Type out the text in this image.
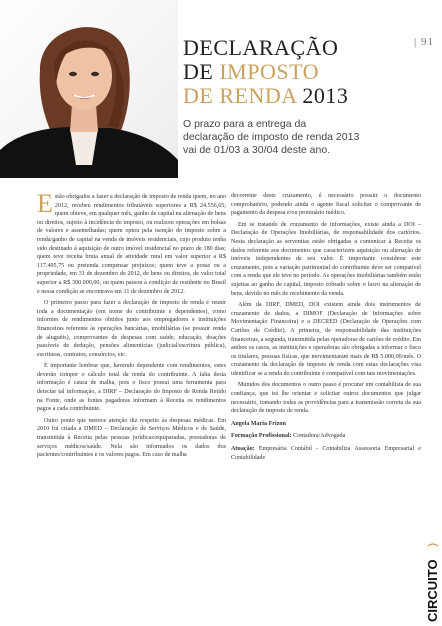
| 91
DECLARAÇÃO
DE IMPOSTO
DE RENDA 2013
O prazo para a entrega da
declaração de imposto de renda 2013
vai de 01/03 a 30/04 deste ano.

Estão obrigados a fazer a declaração de imposto de renda quem, no ano 2012, recebeu rendimentos tributáveis superiores a R$ 24.556,65; quem obteve, em qualquer mês, ganho de capital na alienação de bens ou direitos, sujeito à incidência do imposto, ou realizou operações em bolsas de valores e assemelhadas; quem optou pela isenção do imposto sobre a renda/ganho de capital na venda de imóveis residenciais, cujo produto tenha sido destinado à aquisição de outro imóvel residencial no prazo de 180 dias; quem teve receita bruta anual de atividade rural em valor superior a R$ 117.495,75 ou pretenda compensar prejuízos; quem teve a posse ou a propriedade, em 31 de dezembro de 2012, de bens ou direitos, de valor total superior a R$ 300.000,00, ou quem passou à condição de residente no Brasil e nessa condição se encontrava em 31 de dezembro de 2012.

O primeiro passo para fazer a declaração de imposto de renda é reunir toda a documentação (em nome do contribuinte e dependentes), como informes de rendimentos obtidos junto aos empregadores e instituições financeiras referente às operações bancárias, imobiliárias (se possuir renda de aluguéis), comprovantes de despesas com saúde, educação, doações passíveis de dedução, pensões alimentícias (judicial/escritura pública), escrituras, contratos, consórcios, etc.

É importante lembrar que, havendo dependente com rendimentos, estes deverão compor o cálculo total da renda do contribuinte. A falta desta informação é causa de malha, pois o fisco possui uma ferramenta para detectar tal informação, a DIRF – Declaração do Imposto de Renda Retido na Fonte, onde as fontes pagadoras informam à Receita os rendimentos pagos a cada contribuinte.

Outro ponto que merece atenção diz respeito às despesas médicas. Em 2010 foi criada a DMED – Declaração de Serviços Médicos e de Saúde, transmitida à Receita pelas pessoas jurídicas/equiparadas, prestadoras de serviços médicos/saúde. Nela são informados os dados dos pacientes/contribuintes e os valores pagos. Em caso de malha

decorrente deste cruzamento, é necessário possuir o documento comprobatório, podendo ainda o agente fiscal solicitar o comprovante de pagamento da despesa e/ou prontuário médico.

Em se tratando de cruzamento de informações, existe ainda a DOI – Declaração de Operações Imobiliárias, de responsabilidade dos cartórios. Nesta declaração as serventias estão obrigadas a comunicar à Receita os dados referente aos documentos que caracterizem aquisição ou alienação de imóveis independentes de seu valor. É importante considerar este cruzamento, pois a variação patrimonial do contribuinte deve ser compatível com a renda que ele teve no período. As operações imobiliárias também estão sujeitas ao ganho de capital, imposto cobrado sobre o lucro na alienação de bens, devido no mês de recebimento da venda.

Além da DIRF, DMED, DOI existem ainda dois instrumentos de cruzamento de dados, a DIMOF (Declaração de Informações sobre Movimentação Financeira) e a DECRED (Declaração de Operações com Cartões de Crédito). A primeira, de responsabilidade das instituições financeiras, a segunda, transmitida pelas operadoras de cartões de crédito. Em ambos os casos, as instituições e operadoras são obrigadas a informar o fisco os titulares, pessoas físicas, que movimentaram mais de R$ 5.000,00/mês. O cruzamento da declaração de imposto de renda com estas declarações visa identificar se a renda do contribuinte é compatível com tais movimentações.

Munidos dos documentos o outro passo é procurar um contabilista de sua confiança, que irá lhe orientar e solicitar outros documentos que julgar necessário, tomando todas as providências para a transmissão correta da sua declaração de imposto de renda.

Angela Maria Frizon

Formação Profissional: Contadora/Advogada

Atuação: Empresária Contábil - Contabiliza Assessoria Empresarial e Contabilidade

CIRCUITO
